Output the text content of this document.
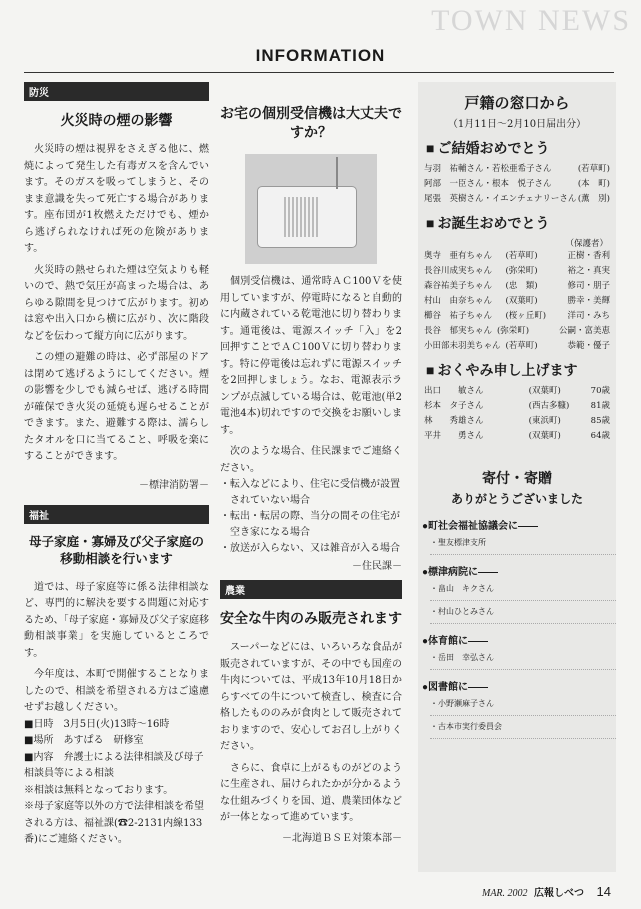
TOWN NEWS
INFORMATION
防災
火災時の煙の影響

火災時の煙は視界をさえぎる他に、燃焼によって発生した有毒ガスを含んでいます。そのガスを吸ってしまうと、そのまま意識を失って死亡する場合があります。座布団が1枚燃えただけでも、煙から逃げられなければ死の危険があります。

火災時の熱せられた煙は空気よりも軽いので、熱で気圧が高まった場合は、あらゆる隙間を見つけて広がります。初めは窓や出入口から横に広がり、次に階段などを伝わって縦方向に広がります。

この煙の避難の時は、必ず部屋のドアは閉めて逃げるようにしてください。煙の影響を少しでも減らせば、逃げる時間が確保でき火災の延焼も遅らせることができます。また、避難する際は、濡らしたタオルを口に当てること、呼吸を楽にすることができます。

－標津消防署－
福祉
母子家庭・寡婦及び父子家庭の移動相談を行います

道では、母子家庭等に係る法律相談など、専門的に解決を要する問題に対応するため、「母子家庭・寡婦及び父子家庭移動相談事業」を実施しているところです。

今年度は、本町で開催することなりましたので、相談を希望される方はご遠慮せずお越しください。

■日時　3月5日(火)13時～16時

■場所　あすぱる　研修室

■内容　弁護士による法律相談及び母子相談員等による相談

※相談は無料となっております。

※母子家庭等以外の方で法律相談を希望される方は、福祉課(☎2-2131内線133番)にご連絡ください。

お宅の個別受信機は大丈夫ですか？

個別受信機は、通常時ＡＣ100Ｖを使用していますが、停電時になると自動的に内蔵されている乾電池に切り替わります。通電後は、電源スイッチ「入」を2回押すことでＡＣ100Ｖに切り替わります。特に停電後は忘れずに電源スイッチを2回押しましょう。なお、電源表示ランプが点滅している場合は、乾電池(単2電池4本)切れですので交換をお願いします。

次のような場合、住民課までご連絡ください。

・転入などにより、住宅に受信機が設置されていない場合

・転出・転居の際、当分の間その住宅が空き家になる場合

・放送が入らない、又は雑音が入る場合

－住民課－
農業
安全な牛肉のみ販売されます

スーパーなどには、いろいろな食品が販売されていますが、その中でも国産の牛肉については、平成13年10月18日からすべての牛について検査し、検査に合格したもののみが食肉として販売されておりますので、安心してお召し上がりください。

さらに、食卓に上がるものがどのように生産され、届けられたかが分かるような仕組みづくりを国、道、農業団体などが一体となって進めています。

－北海道ＢＳＥ対策本部－
戸籍の窓口から
（1月11日～2月10日届出分）
■ ご結婚おめでとう
与羽　祐輔さん・若松亜希子さん	(若草町)
阿部　一臣さん・根本　悦子さん	(本　町)
尾張　英樹さん・イエンチェナリーさん (薫　別)
■ お誕生おめでとう

（保護者）

奥寺　亜有ちゃん	(若草町)	正樹・香利
長谷川成実ちゃん	(弥栄町)	裕之・真実
森谷祐美子ちゃん	(忠　類)	修司・朋子
村山　由奈ちゃん	(双葉町)	勝幸・美輝
櫛谷　祐子ちゃん	(桜ヶ丘町)	洋司・みち
長谷　郁実ちゃん (弥栄町)	公嗣・富美恵
小田部未羽美ちゃん (若草町)	恭範・優子
■ おくやみ申し上げます
出口　　敏さん	(双葉町)	70歳
杉本　タ子さん	(西古多糠)	81歳
林　　秀雄さん	(東浜町)	85歳
平井　　勇さん	(双葉町)	64歳
寄付・寄贈
ありがとうございました
● 町社会福祉協議会に――
・聖友標津支所
● 標津病院に――
・畠山　キクさん
・村山ひとみさん
● 体育館に――
・岳田　幸弘さん
● 図書館に――
・小野瀬麻子さん
・古本市実行委員会
MAR. 2002 広報しべつ 14
